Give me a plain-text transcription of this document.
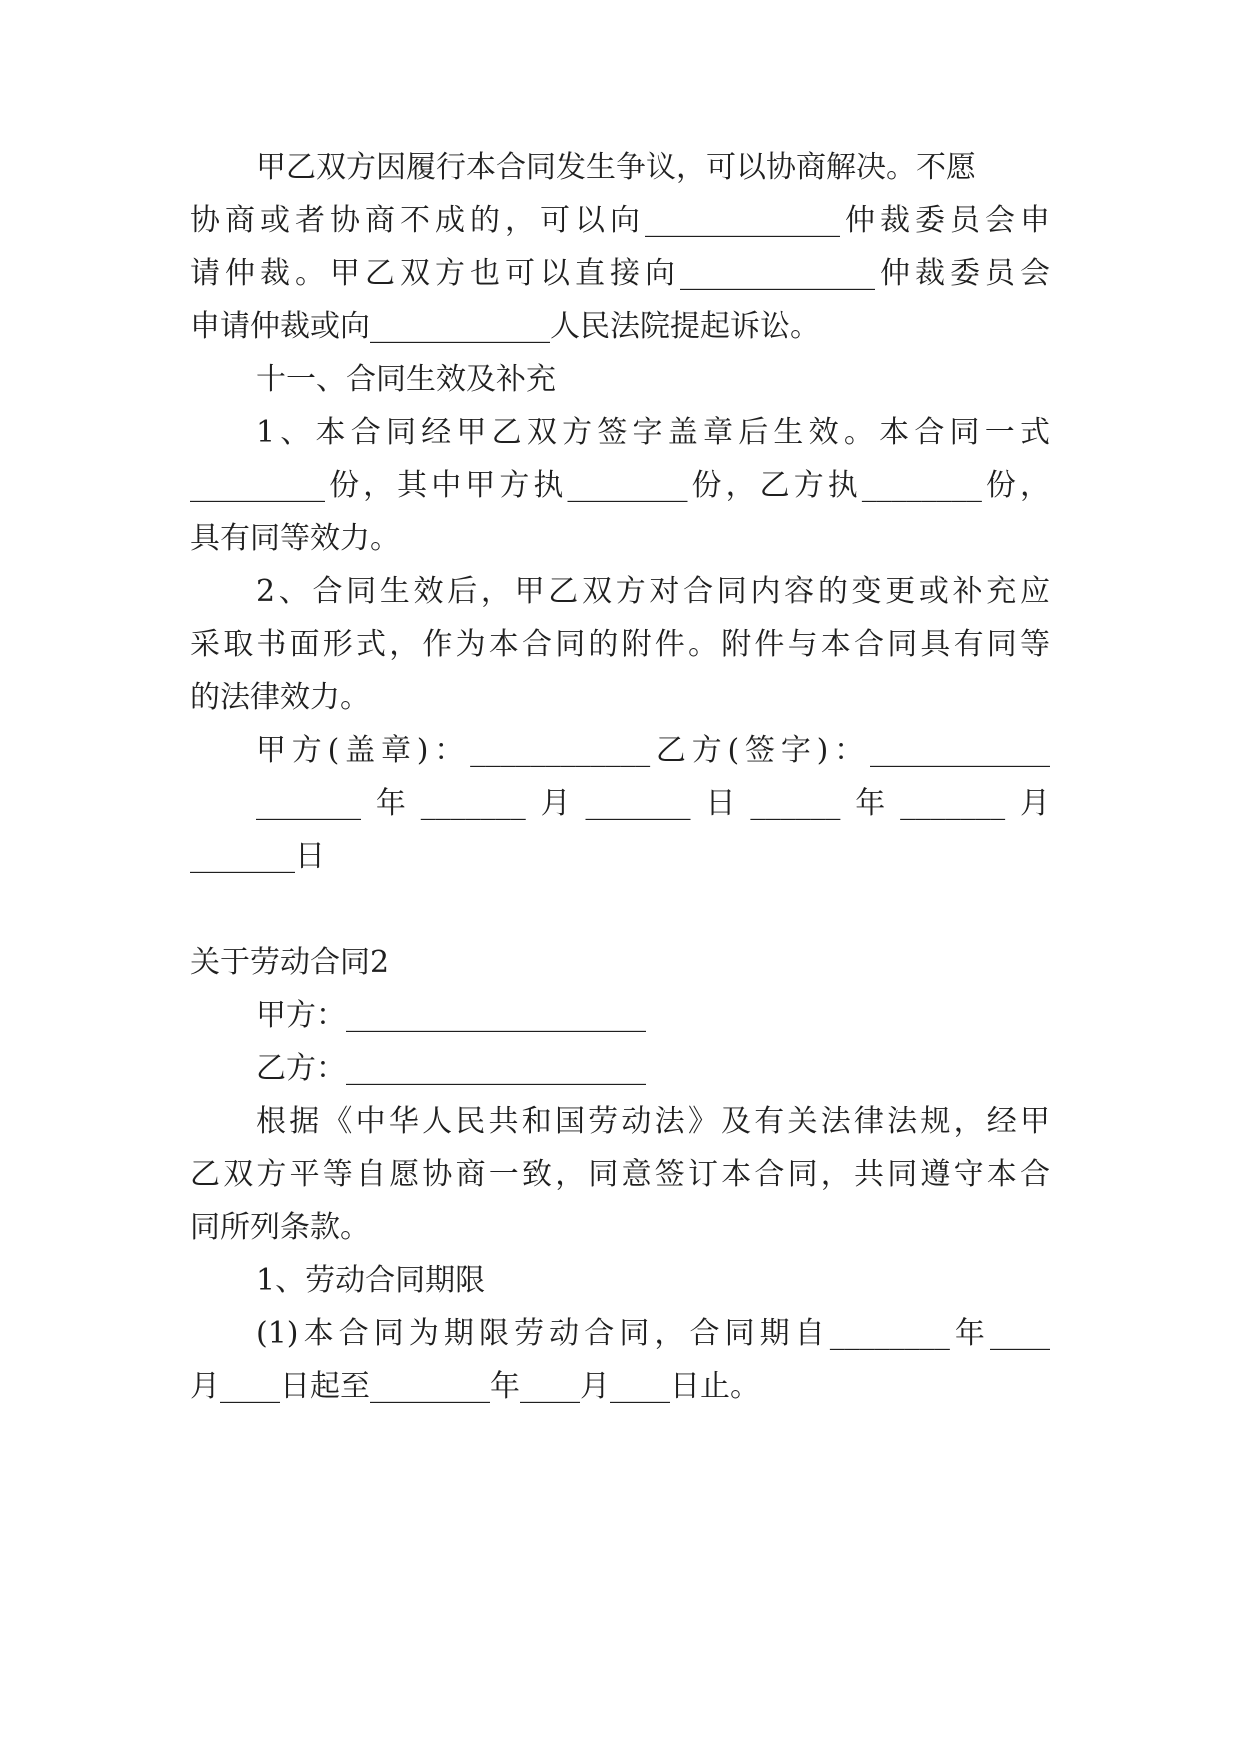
甲乙双方因履行本合同发生争议，可以协商解决。不愿
协商或者协商不成的，可以向_____________仲裁委员会申
请仲裁。甲乙双方也可以直接向_____________仲裁委员会
申请仲裁或向____________人民法院提起诉讼。
十一、合同生效及补充
1、本合同经甲乙双方签字盖章后生效。本合同一式
_________份，其中甲方执________份，乙方执________份，
具有同等效力。
2、合同生效后，甲乙双方对合同内容的变更或补充应
采取书面形式，作为本合同的附件。附件与本合同具有同等
的法律效力。
甲方(盖章)：____________乙方(签字)：____________
_______年_______月_______日______年_______月
_______日
关于劳动合同2
甲方：____________________
乙方：____________________
根据《中华人民共和国劳动法》及有关法律法规，经甲
乙双方平等自愿协商一致，同意签订本合同，共同遵守本合
同所列条款。
1、劳动合同期限
(1)本合同为期限劳动合同，合同期自________年____
月____日起至________年____月____日止。
